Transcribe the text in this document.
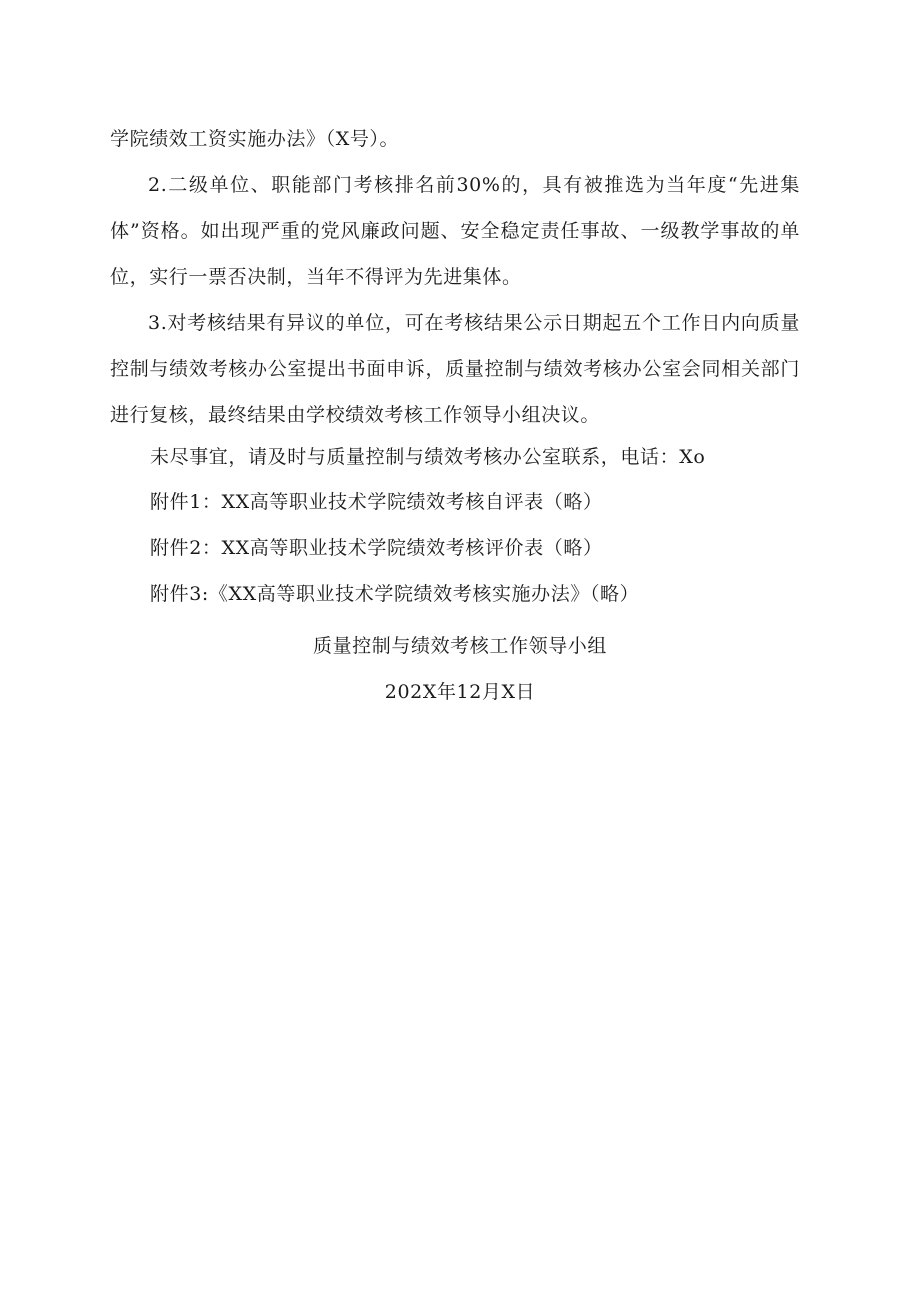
学院绩效工资实施办法》（X号）。

2.二级单位、职能部门考核排名前30%的，具有被推选为当年度“先进集体”资格。如出现严重的党风廉政问题、安全稳定责任事故、一级教学事故的单位，实行一票否决制，当年不得评为先进集体。

3.对考核结果有异议的单位，可在考核结果公示日期起五个工作日内向质量控制与绩效考核办公室提出书面申诉，质量控制与绩效考核办公室会同相关部门进行复核，最终结果由学校绩效考核工作领导小组决议。

未尽事宜，请及时与质量控制与绩效考核办公室联系，电话：Xo

附件1：XX高等职业技术学院绩效考核自评表（略）

附件2：XX高等职业技术学院绩效考核评价表（略）

附件3:《XX高等职业技术学院绩效考核实施办法》（略）

质量控制与绩效考核工作领导小组

202X年12月X日
